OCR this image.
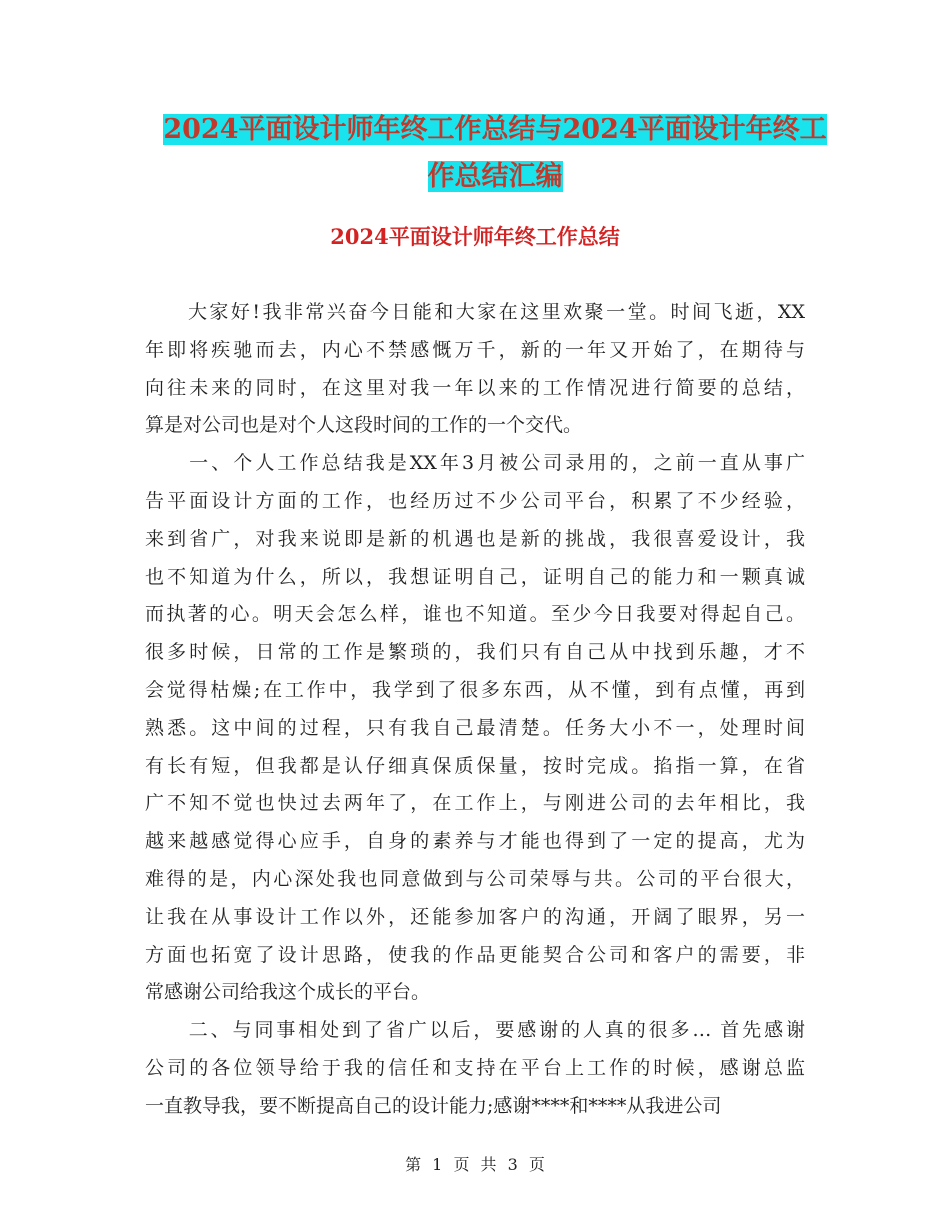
2024平面设计师年终工作总结与2024平面设计年终工
作总结汇编
2024平面设计师年终工作总结
　　大家好!我非常兴奋今日能和大家在这里欢聚一堂。时间飞逝，XX
年即将疾驰而去，内心不禁感慨万千，新的一年又开始了，在期待与
向往未来的同时，在这里对我一年以来的工作情况进行简要的总结，
算是对公司也是对个人这段时间的工作的一个交代。
　　一、个人工作总结我是XX年3月被公司录用的，之前一直从事广
告平面设计方面的工作，也经历过不少公司平台，积累了不少经验，
来到省广，对我来说即是新的机遇也是新的挑战，我很喜爱设计，我
也不知道为什么，所以，我想证明自己，证明自己的能力和一颗真诚
而执著的心。明天会怎么样，谁也不知道。至少今日我要对得起自己。
很多时候，日常的工作是繁琐的，我们只有自己从中找到乐趣，才不
会觉得枯燥;在工作中，我学到了很多东西，从不懂，到有点懂，再到
熟悉。这中间的过程，只有我自己最清楚。任务大小不一，处理时间
有长有短，但我都是认仔细真保质保量，按时完成。掐指一算，在省
广不知不觉也快过去两年了，在工作上，与刚进公司的去年相比，我
越来越感觉得心应手，自身的素养与才能也得到了一定的提高，尤为
难得的是，内心深处我也同意做到与公司荣辱与共。公司的平台很大，
让我在从事设计工作以外，还能参加客户的沟通，开阔了眼界，另一
方面也拓宽了设计思路，使我的作品更能契合公司和客户的需要，非
常感谢公司给我这个成长的平台。
　　二、与同事相处到了省广以后，要感谢的人真的很多… 首先感谢
公司的各位领导给于我的信任和支持在平台上工作的时候，感谢总监
一直教导我，要不断提高自己的设计能力;感谢****和****从我进公司
第 1 页 共 3 页
